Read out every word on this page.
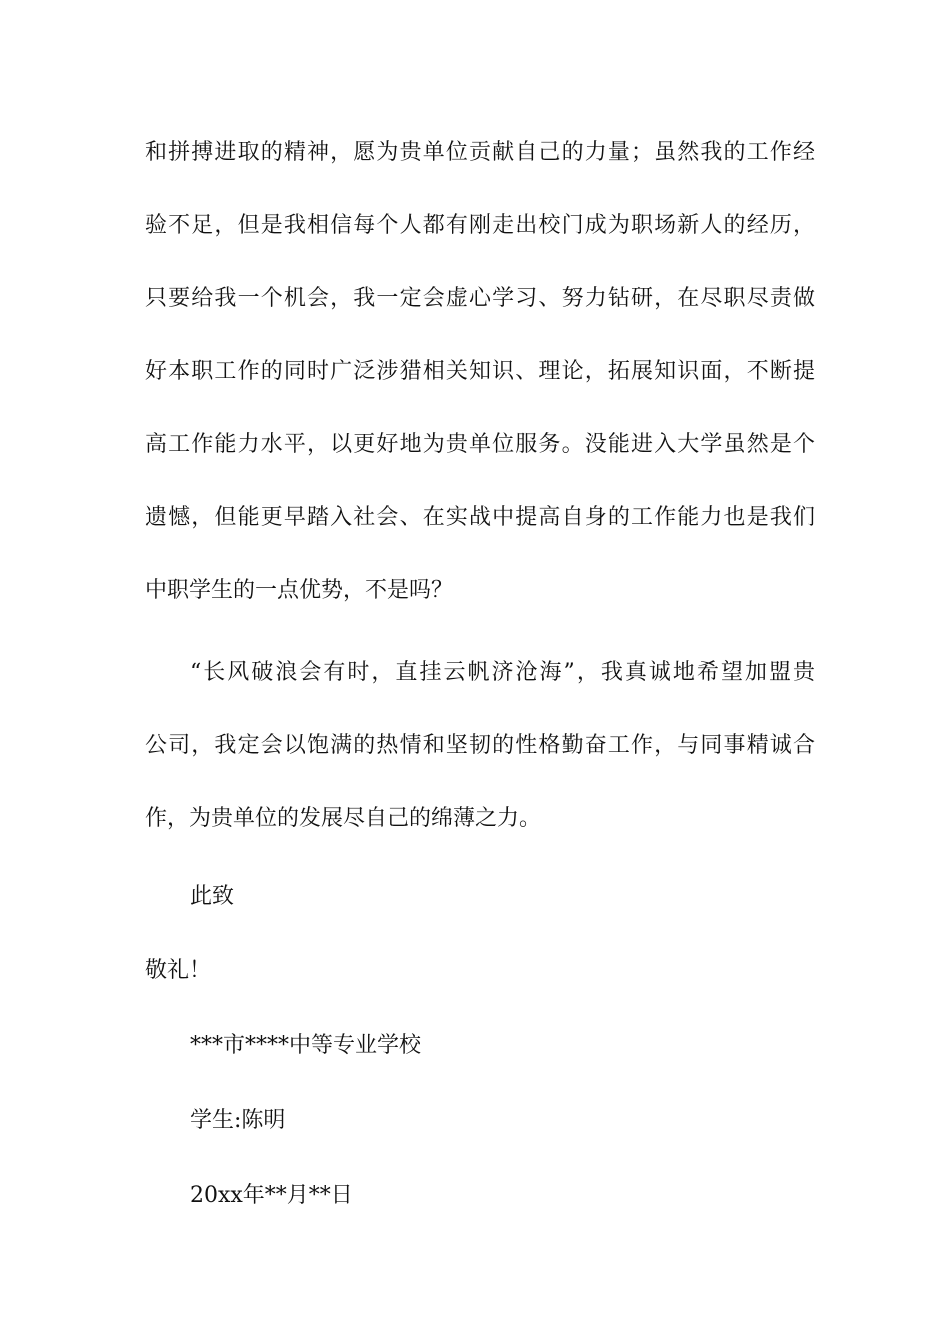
和拼搏进取的精神，愿为贵单位贡献自己的力量；虽然我的工作经
验不足，但是我相信每个人都有刚走出校门成为职场新人的经历，
只要给我一个机会，我一定会虚心学习、努力钻研，在尽职尽责做
好本职工作的同时广泛涉猎相关知识、理论，拓展知识面，不断提
高工作能力水平，以更好地为贵单位服务。没能进入大学虽然是个
遗憾，但能更早踏入社会、在实战中提高自身的工作能力也是我们
中职学生的一点优势，不是吗？
“长风破浪会有时，直挂云帆济沧海”，我真诚地希望加盟贵
公司，我定会以饱满的热情和坚韧的性格勤奋工作，与同事精诚合
作，为贵单位的发展尽自己的绵薄之力。
此致
敬礼！
***市****中等专业学校
学生:陈明
20xx年**月**日
